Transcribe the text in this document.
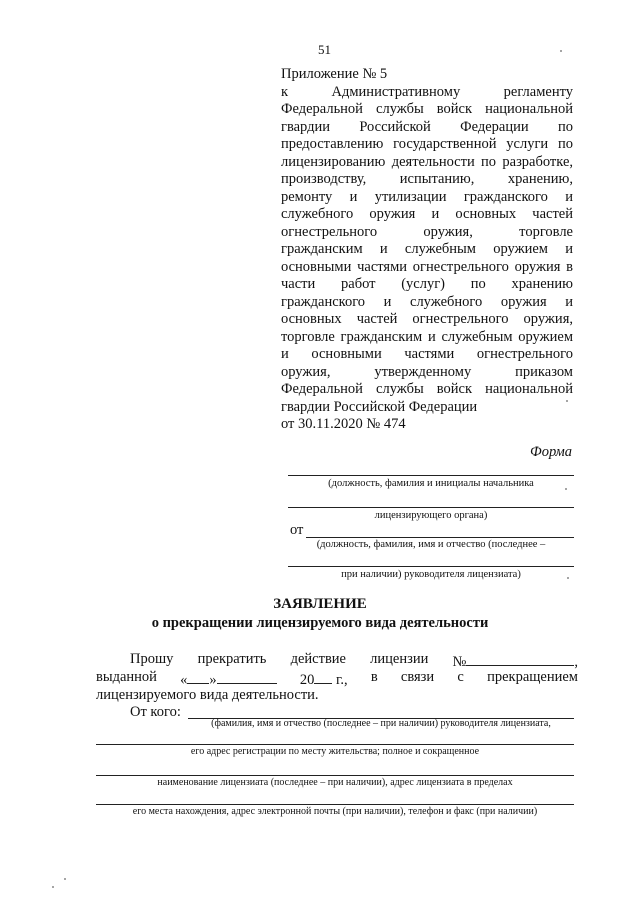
51
Приложение № 5
к Административному регламенту
Федеральной службы войск национальной
гвардии Российской Федерации по
предоставлению государственной услуги по
лицензированию деятельности по разработке,
производству, испытанию, хранению,
ремонту и утилизации гражданского и
служебного оружия и основных частей
огнестрельного оружия, торговле
гражданским и служебным оружием и
основными частями огнестрельного оружия в
части работ (услуг) по хранению
гражданского и служебного оружия и
основных частей огнестрельного оружия,
торговле гражданским и служебным оружием
и основными частями огнестрельного
оружия, утвержденному приказом
Федеральной службы войск национальной
гвардии Российской Федерации
от 30.11.2020 № 474
Форма
(должность, фамилия и инициалы начальника
лицензирующего органа)
от
(должность, фамилия, имя и отчество (последнее –
при наличии) руководителя лицензиата)
ЗАЯВЛЕНИЕ
о прекращении лицензируемого вида деятельности
Прошу прекратить действие лицензии №	,
выданной « »	20 г., в связи с прекращением
лицензируемого вида деятельности.
От кого:
(фамилия, имя и отчество (последнее – при наличии) руководителя лицензиата,
его адрес регистрации по месту жительства; полное и сокращенное
наименование лицензиата (последнее – при наличии), адрес лицензиата в пределах
его места нахождения, адрес электронной почты (при наличии), телефон и факс (при наличии)
